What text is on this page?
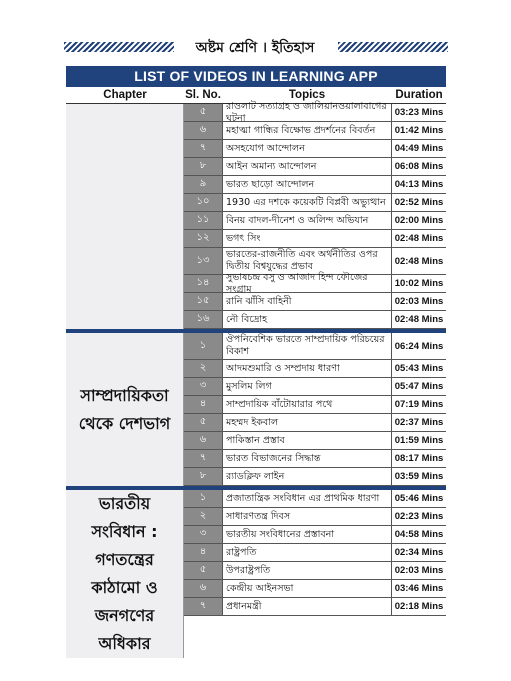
অষ্টম শ্রেণি । ইতিহাস
LIST OF VIDEOS IN LEARNING APP
Chapter	Sl. No.	Topics	Duration
৫	রাওলাট সত্যাগ্রহ ও জালিয়ানওয়ালাবাগের ঘটনা	03:23 Mins
৬	মহাত্মা গান্ধির বিক্ষোভ প্রদর্শনের বিবর্তন	01:42 Mins
৭	অসহযোগ আন্দোলন	04:49 Mins
৮	আইন অমান্য আন্দোলন	06:08 Mins
৯	ভারত ছাড়ো আন্দোলন	04:13 Mins
১০	1930 এর দশকে কয়েকটি বিপ্লবী অভ্যুত্থান 02:52 Mins
১১	বিনয় বাদল-দীনেশ ও অলিন্দ অভিযান	02:00 Mins
১২	ভগৎ সিং	02:48 Mins
১৩	ভারতের-রাজনীতি এবং অর্থনীতির ওপর দ্বিতীয় বিশ্বযুদ্ধের প্রভাব	02:48 Mins
১৪	সুভাষচন্দ্র বসু ও আজাদ হিন্দ ফৌজের সংগ্রাম	10:02 Mins
১৫	রানি ঝাঁসি বাহিনী	02:03 Mins
১৬	নৌ বিদ্রোহ	02:48 Mins
সাম্প্রদায়িকতা থেকে দেশভাগ
১	ঔপনিবেশিক ভারতে সাম্প্রদায়িক পরিচয়ের বিকাশ	06:24 Mins
২	আদমশুমারি ও সম্প্রদায় ধারণা	05:43 Mins
৩	মুসলিম লিগ	05:47 Mins
৪	সাম্প্রদায়িক বাঁটোয়ারার পথে	07:19 Mins
৫	মহম্মদ ইকবাল	02:37 Mins
৬	পাকিস্তান প্রস্তাব	01:59 Mins
৭	ভারত বিভাজনের সিদ্ধান্ত	08:17 Mins
৮	র‍্যাডক্লিফ লাইন	03:59 Mins
ভারতীয় সংবিধান : গণতন্ত্রের কাঠামো ও জনগণের অধিকার
১	প্রজাতান্ত্রিক সংবিধান এর প্রাথমিক ধারণা	05:46 Mins
২	সাধারণতন্ত্র দিবস	02:23 Mins
৩	ভারতীয় সংবিধানের প্রস্তাবনা	04:58 Mins
৪	রাষ্ট্রপতি	02:34 Mins
৫	উপরাষ্ট্রপতি	02:03 Mins
৬	কেন্দ্রীয় আইনসভা	03:46 Mins
৭	প্রধানমন্ত্রী	02:18 Mins
